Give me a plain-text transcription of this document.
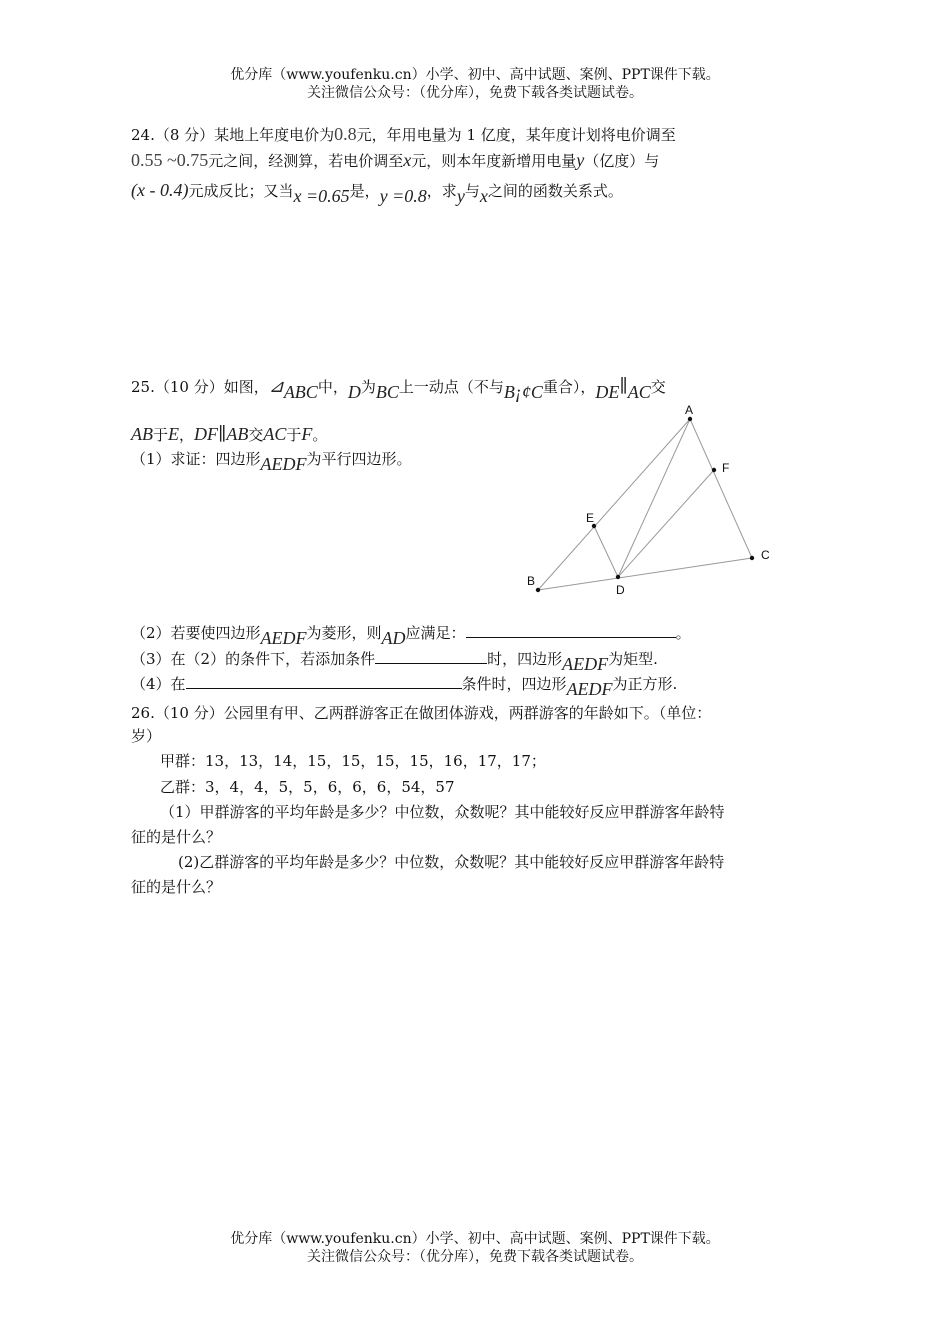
优分库（www.youfenku.cn）小学、初中、高中试题、案例、PPT课件下载。
关注微信公众号：（优分库），免费下载各类试题试卷。
24.（8 分）某地上年度电价为0.8元，年用电量为 1 亿度，某年度计划将电价调至
0.55 ~0.75元之间，经测算，若电价调至x元，则本年度新增用电量y（亿度）与
(x - 0.4)元成反比；又当x =0.65是，y =0.8，求y与x之间的函数关系式。
25.（10 分）如图，⊿ABC中，D为BC上一动点（不与B¡¢C重合），DE∥AC交
AB于E，DF∥AB交AC于F。
（1）求证：四边形AEDF为平行四边形。
A
B
C
D
E
F
（2）若要使四边形AEDF为菱形，则AD应满足：	。
（3）在（2）的条件下，若添加条件	时，四边形AEDF为矩型.
（4）在	条件时，四边形AEDF为正方形.
26.（10 分）公园里有甲、乙两群游客正在做团体游戏，两群游客的年龄如下。（单位：
岁）
甲群：13，13，14，15，15，15，15，16，17，17；
乙群：3，4，4，5，5，6，6，6，54，57
（1）甲群游客的平均年龄是多少？中位数，众数呢？其中能较好反应甲群游客年龄特
征的是什么？
(2)乙群游客的平均年龄是多少？中位数，众数呢？其中能较好反应甲群游客年龄特
征的是什么？
优分库（www.youfenku.cn）小学、初中、高中试题、案例、PPT课件下载。
关注微信公众号：（优分库），免费下载各类试题试卷。
